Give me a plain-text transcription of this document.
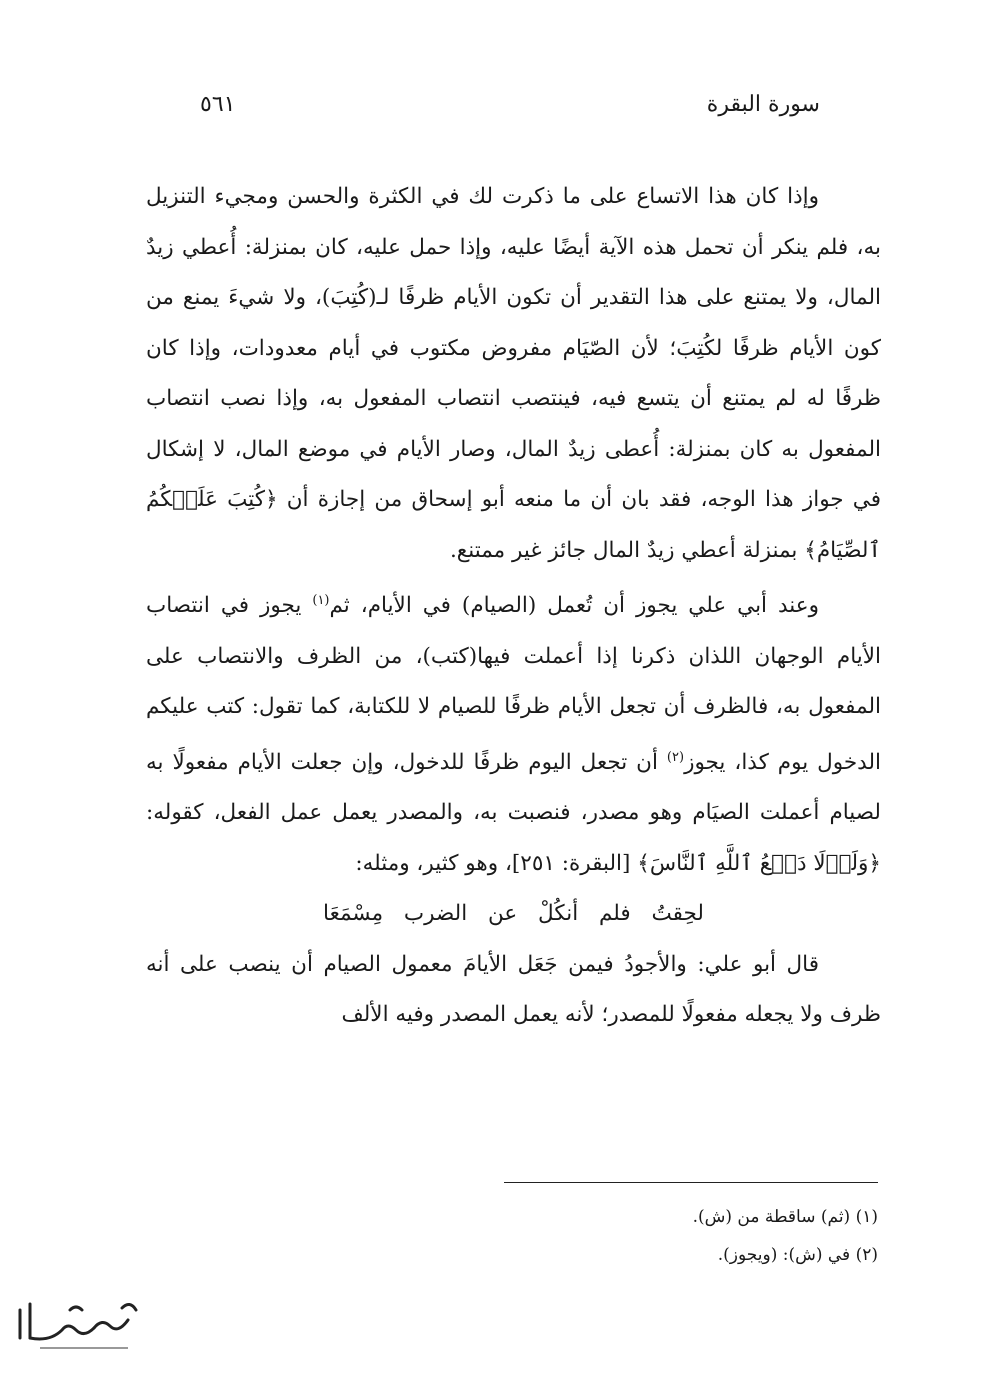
سورة البقرة
٥٦١

وإذا كان هذا الاتساع على ما ذكرت لك في الكثرة والحسن ومجيء التنزيل به، فلم ينكر أن تحمل هذه الآية أيضًا عليه، وإذا حمل عليه، كان بمنزلة: أُعطي زيدٌ المال، ولا يمتنع على هذا التقدير أن تكون الأيام ظرفًا لـ(كُتِبَ)، ولا شيءَ يمنع من كون الأيام ظرفًا لكُتِبَ؛ لأن الصّيَام مفروض مكتوب في أيام معدودات، وإذا كان ظرفًا له لم يمتنع أن يتسع فيه، فينتصب انتصاب المفعول به، وإذا نصب انتصاب المفعول به كان بمنزلة: أُعطى زيدٌ المال، وصار الأيام في موضع المال، لا إشكال في جواز هذا الوجه، فقد بان أن ما منعه أبو إسحاق من إجازة أن ﴿كُتِبَ عَلَيۡكُمُ ٱلصِّيَامُ﴾ بمنزلة أعطي زيدٌ المال جائز غير ممتنع.

وعند أبي علي يجوز أن تُعمل (الصيام) في الأيام، ثم$^{(١)}$ يجوز في انتصاب الأيام الوجهان اللذان ذكرنا إذا أعملت فيها(كتب)، من الظرف والانتصاب على المفعول به، فالظرف أن تجعل الأيام ظرفًا للصيام لا للكتابة، كما تقول: كتب عليكم الدخول يوم كذا، يجوز$^{(٢)}$ أن تجعل اليوم ظرفًا للدخول، وإن جعلت الأيام مفعولًا به لصيام أعملت الصيَام وهو مصدر، فنصبت به، والمصدر يعمل عمل الفعل، كقوله: ﴿وَلَوۡلَا دَفۡعُ ٱللَّهِ ٱلنَّاسَ﴾ [البقرة: ٢٥١]، وهو كثير، ومثله:

لحِقتُ فلم أنكُلْ عن الضرب مِسْمَعَا

قال أبو علي: والأجودُ فيمن جَعَل الأيامَ معمول الصيام أن ينصب على أنه ظرف ولا يجعله مفعولًا للمصدر؛ لأنه يعمل المصدر وفيه الألف

(١) (ثم) ساقطة من (ش).
(٢) في (ش): (ويجوز).
